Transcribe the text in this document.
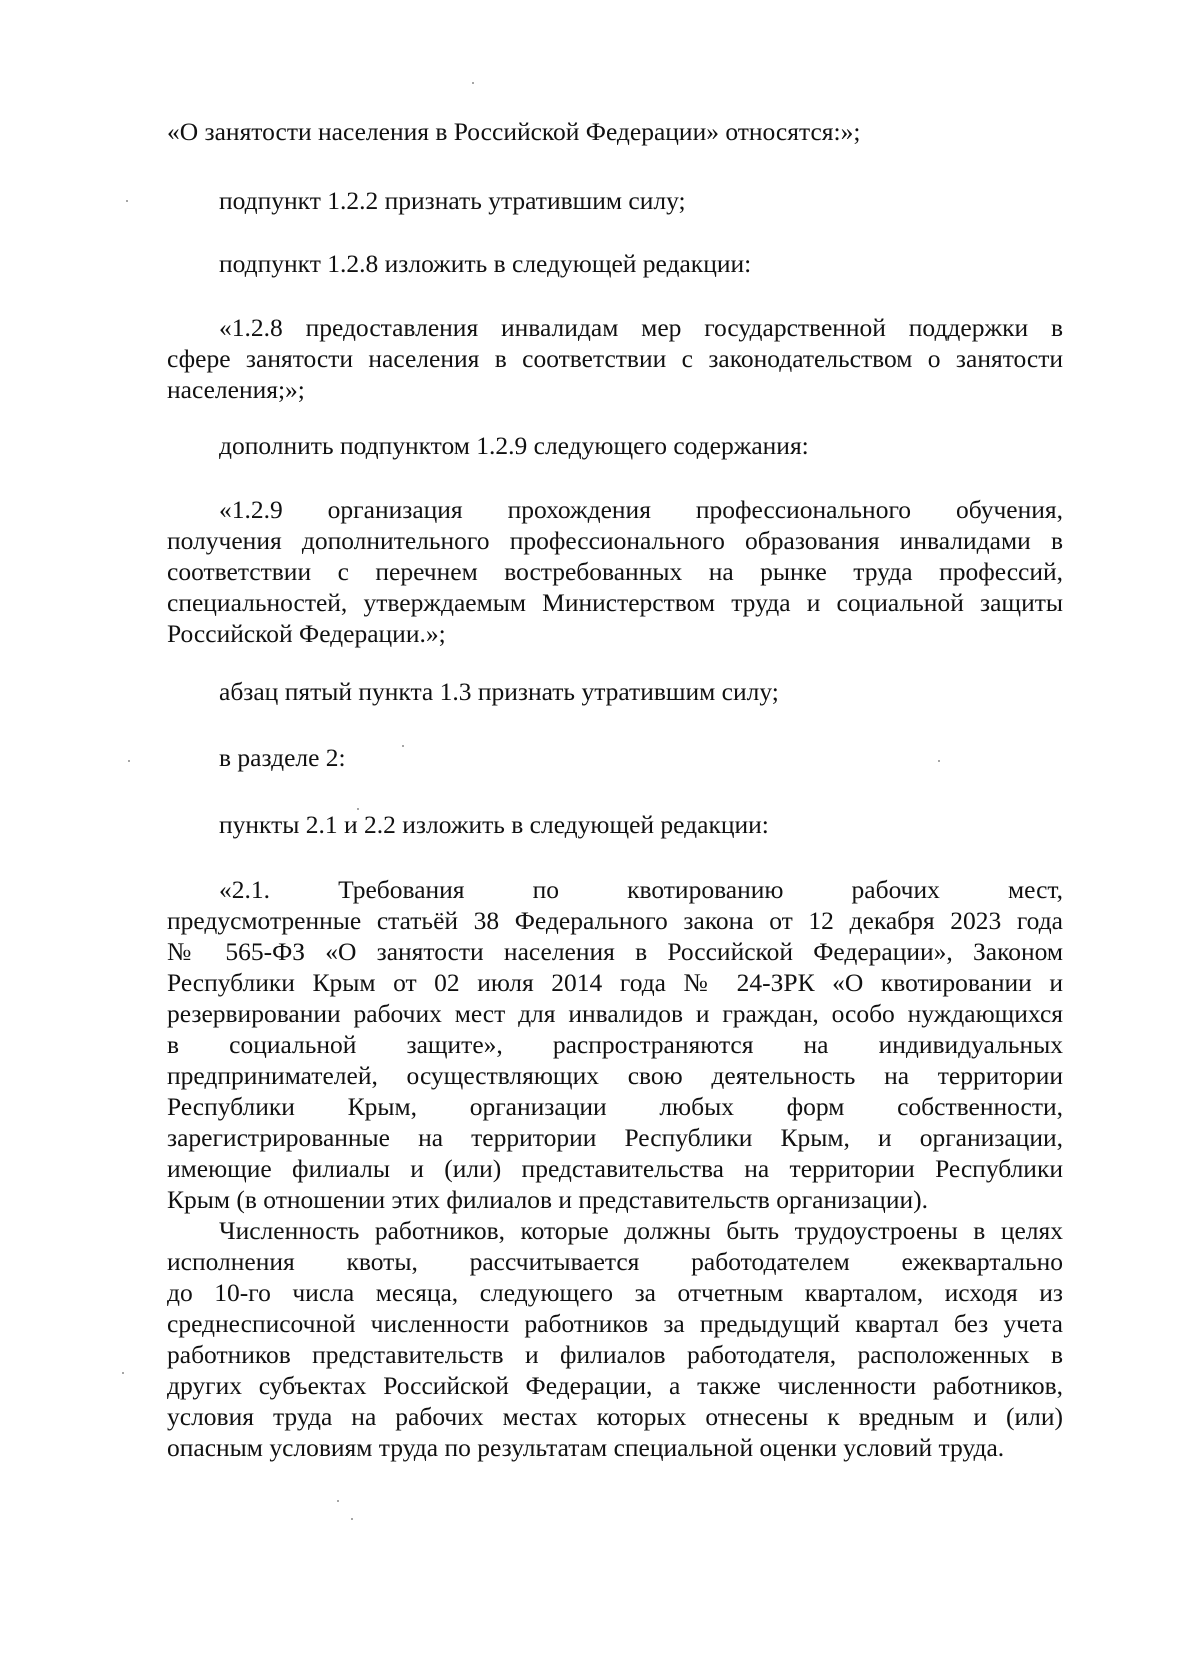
«О занятости населения в Российской Федерации» относятся:»;

подпункт 1.2.2 признать утратившим силу;

подпункт 1.2.8 изложить в следующей редакции:

«1.2.8 предоставления инвалидам мер государственной поддержки в
сфере занятости населения в соответствии с законодательством о занятости
населения;»;

дополнить подпунктом 1.2.9 следующего содержания:

«1.2.9 организация прохождения профессионального обучения,
получения дополнительного профессионального образования инвалидами в
соответствии с перечнем востребованных на рынке труда профессий,
специальностей, утверждаемым Министерством труда и социальной защиты
Российской Федерации.»;

абзац пятый пункта 1.3 признать утратившим силу;

в разделе 2:

пункты 2.1 и 2.2 изложить в следующей редакции:

«2.1. Требования по квотированию рабочих мест,
предусмотренные статьёй 38 Федерального закона от 12 декабря 2023 года
№ 565-ФЗ «О занятости населения в Российской Федерации», Законом
Республики Крым от 02 июля 2014 года № 24-ЗРК «О квотировании и
резервировании рабочих мест для инвалидов и граждан, особо нуждающихся
в социальной защите», распространяются на индивидуальных
предпринимателей, осуществляющих свою деятельность на территории
Республики Крым, организации любых форм собственности,
зарегистрированные на территории Республики Крым, и организации,
имеющие филиалы и (или) представительства на территории Республики
Крым (в отношении этих филиалов и представительств организации).

Численность работников, которые должны быть трудоустроены в целях
исполнения квоты, рассчитывается работодателем ежеквартально
до 10-го числа месяца, следующего за отчетным кварталом, исходя из
среднесписочной численности работников за предыдущий квартал без учета
работников представительств и филиалов работодателя, расположенных в
других субъектах Российской Федерации, а также численности работников,
условия труда на рабочих местах которых отнесены к вредным и (или)
опасным условиям труда по результатам специальной оценки условий труда.
